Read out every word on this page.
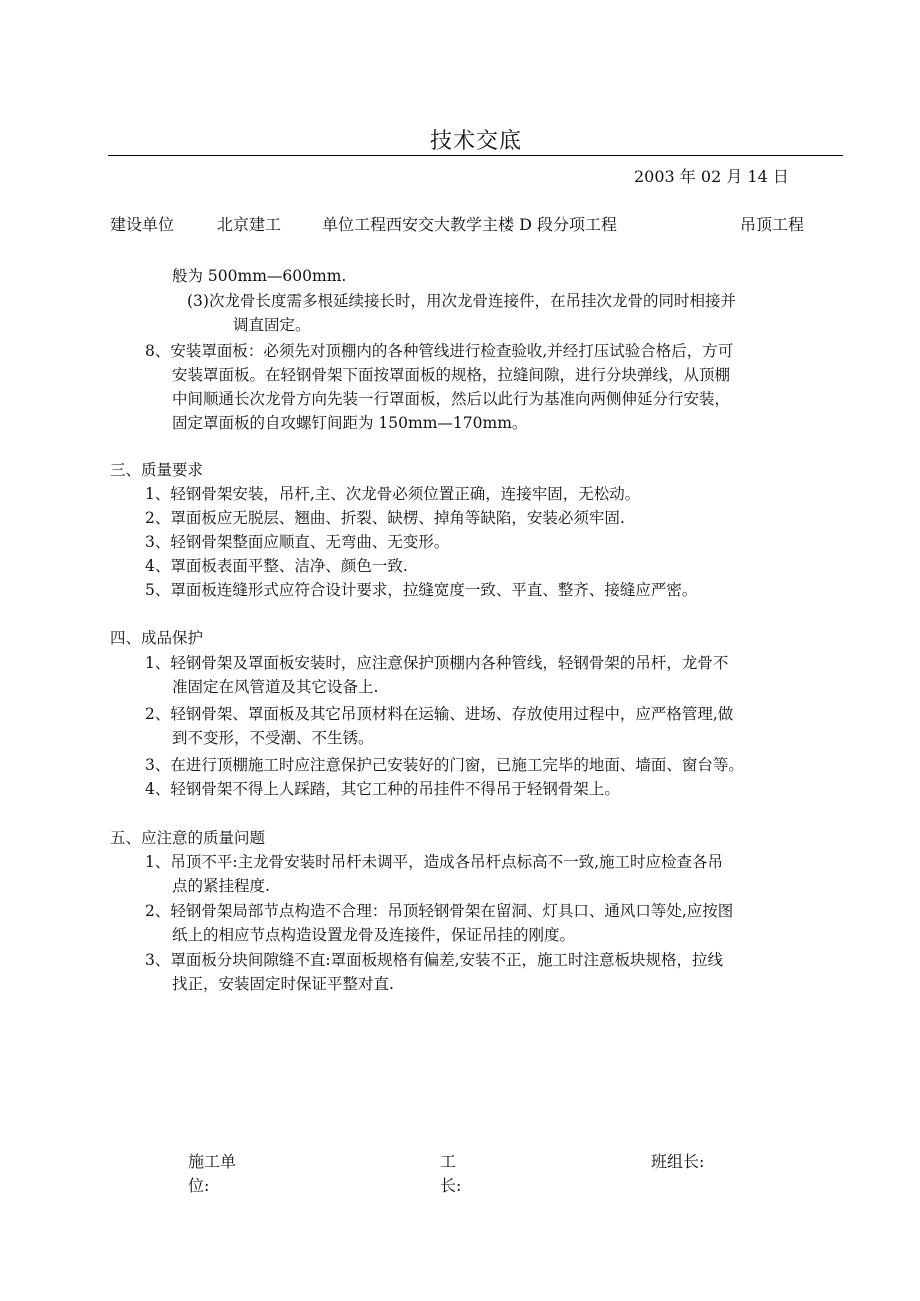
技术交底
2003 年 02 月 14 日
建设单位	北京建工	单位工程西安交大教学主楼 D 段分项工程	吊顶工程
般为 500mm—600mm.
(3)次龙骨长度需多根延续接长时，用次龙骨连接件，在吊挂次龙骨的同时相接并
调直固定。
8、安装罩面板：必须先对顶棚内的各种管线进行检查验收,并经打压试验合格后，方可
安装罩面板。在轻钢骨架下面按罩面板的规格，拉缝间隙，进行分块弹线，从顶棚
中间顺通长次龙骨方向先装一行罩面板，然后以此行为基准向两侧伸延分行安装，
固定罩面板的自攻螺钉间距为 150mm—170mm。
三、质量要求
1、轻钢骨架安装，吊杆,主、次龙骨必须位置正确，连接牢固，无松动。
2、罩面板应无脱层、翘曲、折裂、缺楞、掉角等缺陷，安装必须牢固.
3、轻钢骨架整面应顺直、无弯曲、无变形。
4、罩面板表面平整、洁净、颜色一致.
5、罩面板连缝形式应符合设计要求，拉缝宽度一致、平直、整齐、接缝应严密。
四、成品保护
1、轻钢骨架及罩面板安装时，应注意保护顶棚内各种管线，轻钢骨架的吊杆，龙骨不
准固定在风管道及其它设备上.
2、轻钢骨架、罩面板及其它吊顶材料在运输、进场、存放使用过程中，应严格管理,做
到不变形，不受潮、不生锈。
3、在进行顶棚施工时应注意保护己安装好的门窗，已施工完毕的地面、墙面、窗台等。
4、轻钢骨架不得上人踩踏，其它工种的吊挂件不得吊于轻钢骨架上。
五、应注意的质量问题
1、吊顶不平:主龙骨安装时吊杆未调平，造成各吊杆点标高不一致,施工时应检查各吊
点的紧挂程度.
2、轻钢骨架局部节点构造不合理：吊顶轻钢骨架在留洞、灯具口、通风口等处,应按图
纸上的相应节点构造设置龙骨及连接件，保证吊挂的刚度。
3、罩面板分块间隙缝不直:罩面板规格有偏差,安装不正，施工时注意板块规格，拉线
找正，安装固定时保证平整对直.
施工单
位:
工
长:
班组长:
